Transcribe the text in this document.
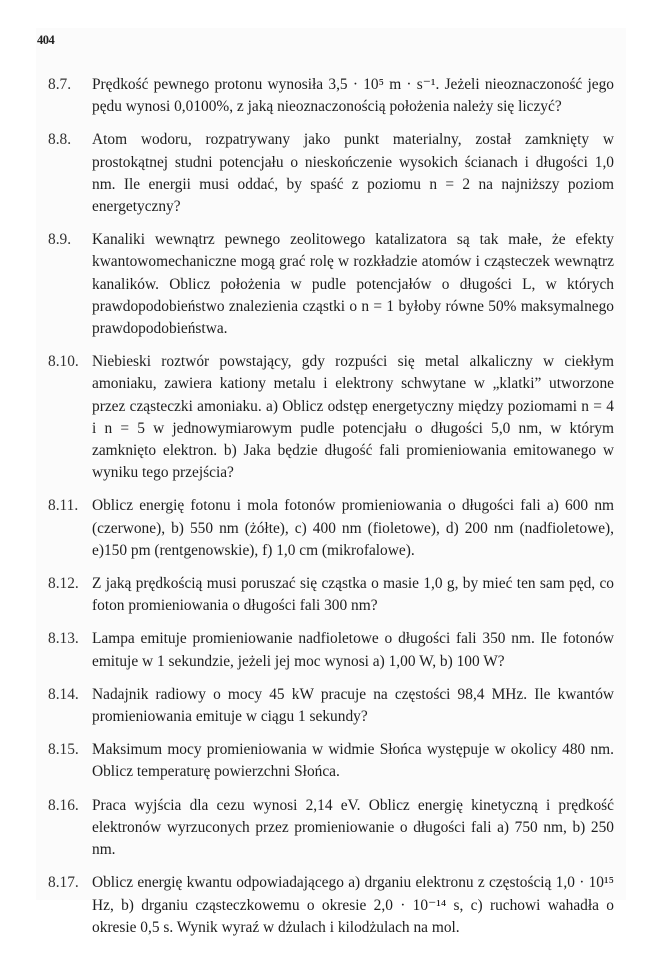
404
8.7.	Prędkość pewnego protonu wynosiła 3,5 · 10⁵ m · s⁻¹. Jeżeli nieoznaczoność jego pędu wynosi 0,0100%, z jaką nieoznaczonością położenia należy się liczyć?
8.8.	Atom wodoru, rozpatrywany jako punkt materialny, został zamknięty w prostokątnej studni potencjału o nieskończenie wysokich ścianach i długości 1,0 nm. Ile energii musi oddać, by spaść z poziomu n = 2 na najniższy poziom energetyczny?
8.9.	Kanaliki wewnątrz pewnego zeolitowego katalizatora są tak małe, że efekty kwantowomechaniczne mogą grać rolę w rozkładzie atomów i cząsteczek wewnątrz kanalików. Oblicz położenia w pudle potencjałów o długości L, w których prawdopodobieństwo znalezienia cząstki o n = 1 byłoby równe 50% maksymalnego prawdopodobieństwa.
8.10. Niebieski roztwór powstający, gdy rozpuści się metal alkaliczny w ciekłym amoniaku, zawiera kationy metalu i elektrony schwytane w „klatki” utworzone przez cząsteczki amoniaku. a) Oblicz odstęp energetyczny między poziomami n = 4 i n = 5 w jednowymiarowym pudle potencjału o długości 5,0 nm, w którym zamknięto elektron. b) Jaka będzie długość fali promieniowania emitowanego w wyniku tego przejścia?
8.11. Oblicz energię fotonu i mola fotonów promieniowania o długości fali a) 600 nm (czerwone), b) 550 nm (żółte), c) 400 nm (fioletowe), d) 200 nm (nadfioletowe), e)150 pm (rentgenowskie), f) 1,0 cm (mikrofalowe).
8.12. Z jaką prędkością musi poruszać się cząstka o masie 1,0 g, by mieć ten sam pęd, co foton promieniowania o długości fali 300 nm?
8.13. Lampa emituje promieniowanie nadfioletowe o długości fali 350 nm. Ile fotonów emituje w 1 sekundzie, jeżeli jej moc wynosi a) 1,00 W, b) 100 W?
8.14. Nadajnik radiowy o mocy 45 kW pracuje na częstości 98,4 MHz. Ile kwantów promieniowania emituje w ciągu 1 sekundy?
8.15. Maksimum mocy promieniowania w widmie Słońca występuje w okolicy 480 nm. Oblicz temperaturę powierzchni Słońca.
8.16. Praca wyjścia dla cezu wynosi 2,14 eV. Oblicz energię kinetyczną i prędkość elektronów wyrzuconych przez promieniowanie o długości fali a) 750 nm, b) 250 nm.
8.17. Oblicz energię kwantu odpowiadającego a) drganiu elektronu z częstością 1,0 · 10¹⁵ Hz, b) drganiu cząsteczkowemu o okresie 2,0 · 10⁻¹⁴ s, c) ruchowi wahadła o okresie 0,5 s. Wynik wyraź w dżulach i kilodżulach na mol.
